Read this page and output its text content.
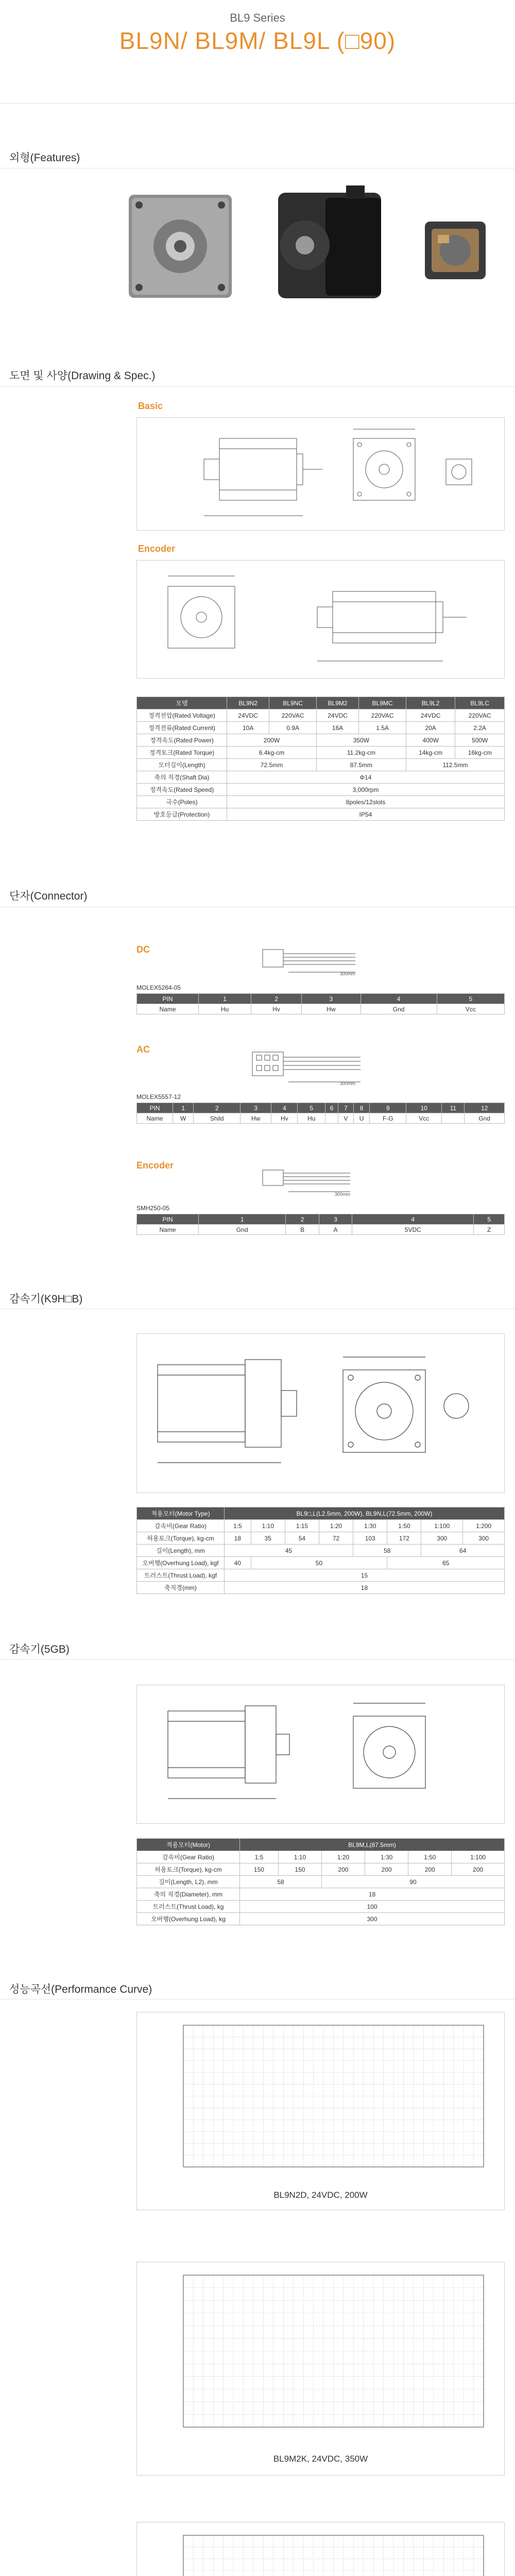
BL9 Series
BL9N/ BL9M/ BL9L (□90)
외형(Features)
도면 및 사양(Drawing & Spec.)
Basic
Encoder
모델	BL9N2	BL9NC	BL9M2	BL9MC	BL9L2	BL9LC
정격전압(Rated Voltage)	24VDC	220VAC	24VDC	220VAC	24VDC	220VAC
정격전류(Rated Current)	10A	0.9A	16A	1.5A	20A	2.2A
정격속도(Rated Power)	200W		350W		400W	500W
정격토크(Rated Torque)	6.4kg-cm		11.2kg-cm		14kg-cm	16kg-cm
모터길이(Length)	72.5mm		87.5mm		112.5mm	
축의 직경(Shaft Dia)	Φ14					
정격속도(Rated Speed)	3,000rpm					
극수(Poles)	8poles/12slots					
방호등급(Protection)	IP54					
단자(Connector)
DC
300mm
MOLEX5264-05
PIN	1	2	3	4	5
Name	Hu	Hv	Hw	Gnd	Vcc
AC
300mm
MOLEX5557-12
PIN	1	2	3	4	5	6	7	8	9	10	11	12
Name	W	Shild	Hw	Hv	Hu		V	U	F-G	Vcc		Gnd
Encoder
300mm
SMH250-05
PIN	1	2	3	4	5
Name	Gnd	B	A	5VDC	Z
감속기(K9H□B)
적용모터(Motor Type)	BL9□,L(L2.5mm, 200W), BL9N,L(72.5mm, 200W)							
감속비(Gear Ratio)	1:5	1:10	1:15	1:20	1:30	1:50	1:100	1:200
허용토크(Torque), kg-cm	18	35	54	72	103	172	300	300
길이(Length), mm	45				58		64	
오버행(Overhung Load), kgf	40	50				65		
트러스트(Thrust Load), kgf	15							
축직경(mm)	18							
감속기(5GB)
적용모터(Motor)	BL9M,L(87.5mm)					
감속비(Gear Ratio)	1:5	1:10	1:20	1:30	1:50	1:100
허용토크(Torque), kg-cm	150	150	200	200	200	200
길이(Length, L2), mm	58		90			
축의 직경(Diameter), mm	18					
트러스트(Thrust Load), kg	100					
오버행(Overhung Load), kg	300					
성능곡선(Performance Curve)
BL9N2D, 24VDC, 200W
BL9M2K, 24VDC, 350W
